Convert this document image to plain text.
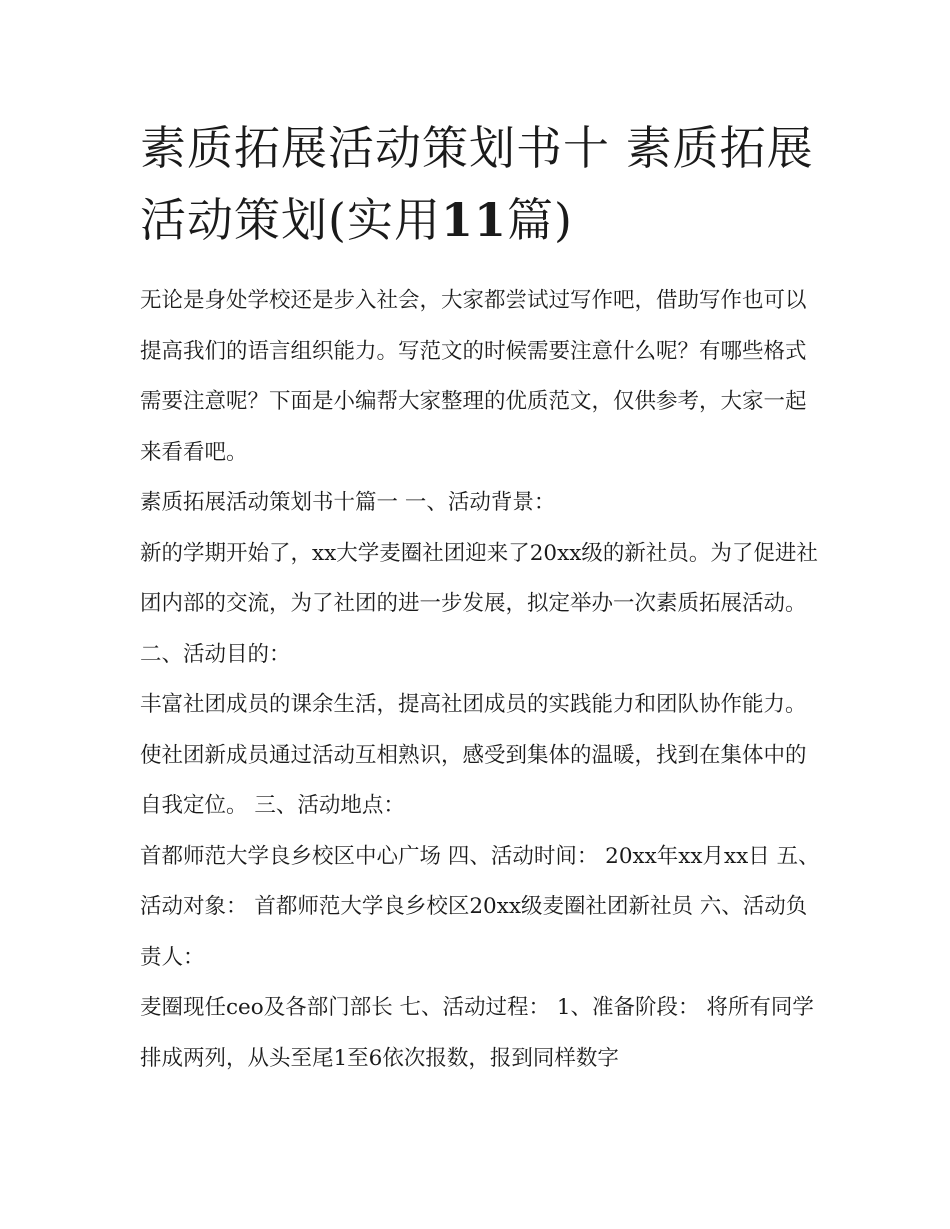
素质拓展活动策划书十 素质拓展活动策划(实用11篇)

无论是身处学校还是步入社会，大家都尝试过写作吧，借助写作也可以提高我们的语言组织能力。写范文的时候需要注意什么呢？有哪些格式需要注意呢？下面是小编帮大家整理的优质范文，仅供参考，大家一起来看看吧。

素质拓展活动策划书十篇一 一、活动背景：

新的学期开始了，xx大学麦圈社团迎来了20xx级的新社员。为了促进社团内部的交流，为了社团的进一步发展，拟定举办一次素质拓展活动。 二、活动目的：

丰富社团成员的课余生活，提高社团成员的实践能力和团队协作能力。使社团新成员通过活动互相熟识，感受到集体的温暖，找到在集体中的自我定位。 三、活动地点：

首都师范大学良乡校区中心广场 四、活动时间： 20xx年xx月xx日 五、活动对象： 首都师范大学良乡校区20xx级麦圈社团新社员 六、活动负责人：

麦圈现任ceo及各部门部长 七、活动过程： 1、准备阶段： 将所有同学排成两列，从头至尾1至6依次报数，报到同样数字
